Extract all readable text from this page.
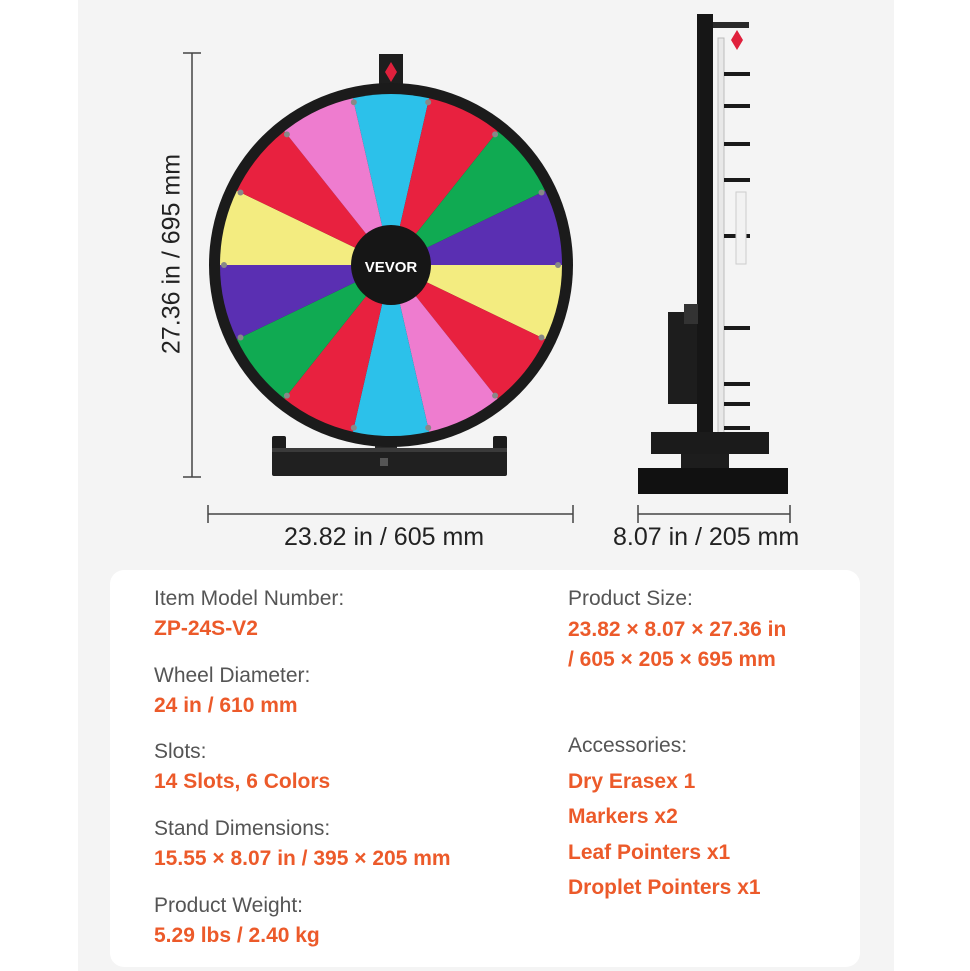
VEVOR
27.36 in / 695 mm
23.82 in / 605 mm	8.07 in / 205 mm
Item Model Number:
ZP-24S-V2
Wheel Diameter:
24 in / 610 mm
Slots:
14 Slots, 6 Colors
Stand Dimensions:
15.55 × 8.07 in / 395 × 205 mm
Product Weight:
5.29 lbs / 2.40 kg
Product Size:
23.82 × 8.07 × 27.36 in
/ 605 × 205 × 695 mm
Accessories:
Dry Erasex 1
Markers x2
Leaf Pointers x1
Droplet Pointers x1
